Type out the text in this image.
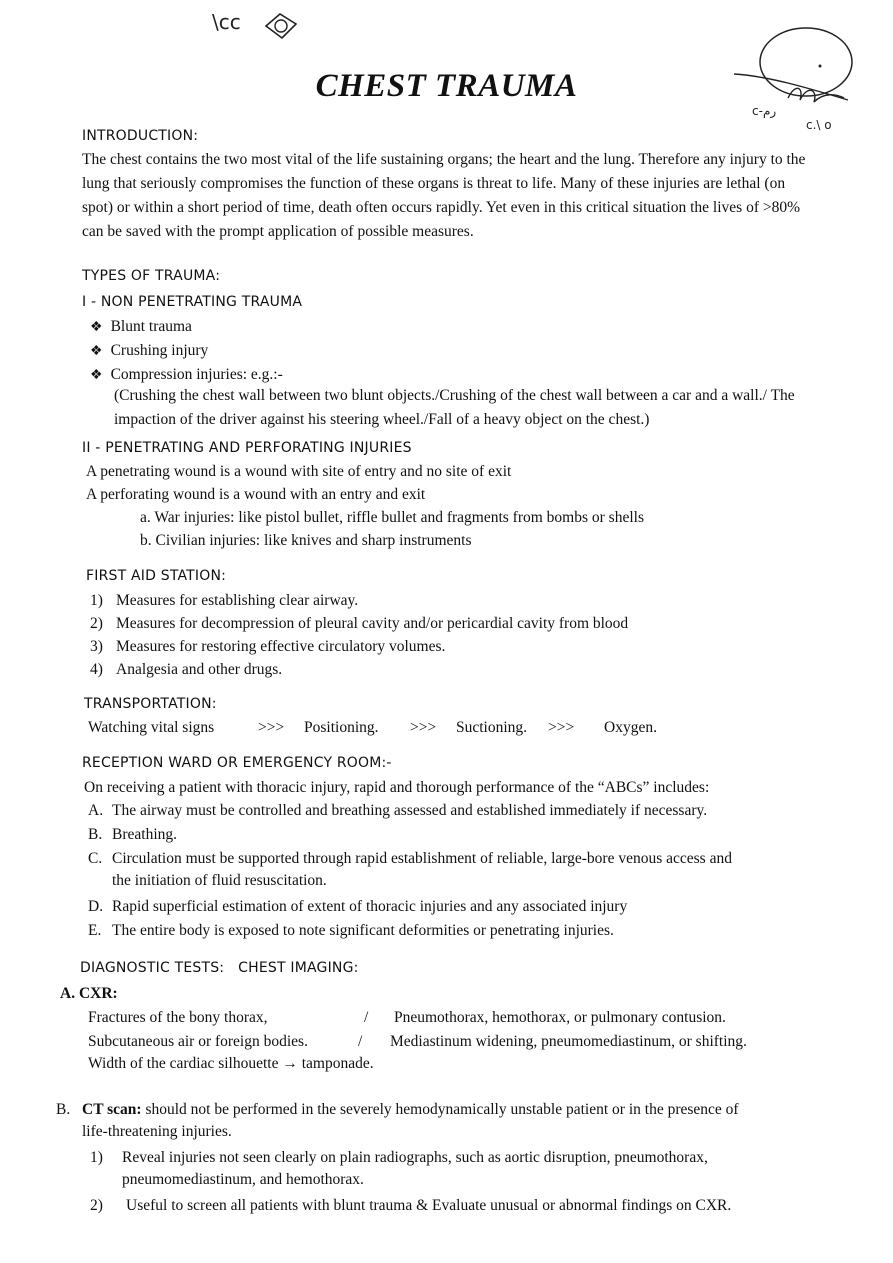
\cc
c-رم
c.\ o
CHEST TRAUMA
INTRODUCTION:
The chest contains the two most vital of the life sustaining organs; the heart and the lung. Therefore any injury to the lung that seriously compromises the function of these organs is threat to life. Many of these injuries are lethal (on spot) or within a short period of time, death often occurs rapidly. Yet even in this critical situation the lives of >80% can be saved with the prompt application of possible measures.
TYPES OF TRAUMA:
I - NON PENETRATING TRAUMA
❖ Blunt trauma
❖ Crushing injury
❖ Compression injuries: e.g.:-
(Crushing the chest wall between two blunt objects./Crushing of the chest wall between a car and a wall./ The impaction of the driver against his steering wheel./Fall of a heavy object on the chest.)
II - PENETRATING AND PERFORATING INJURIES
A penetrating wound is a wound with site of entry and no site of exit
A perforating wound is a wound with an entry and exit
a. War injuries: like pistol bullet, riffle bullet and fragments from bombs or shells
b. Civilian injuries: like knives and sharp instruments
FIRST AID STATION:
1) Measures for establishing clear airway.
2) Measures for decompression of pleural cavity and/or pericardial cavity from blood
3) Measures for restoring effective circulatory volumes.
4) Analgesia and other drugs.
TRANSPORTATION:
Watching vital signs	>>> Positioning. >>> Suctioning. >>> Oxygen.
RECEPTION WARD OR EMERGENCY ROOM:-
On receiving a patient with thoracic injury, rapid and thorough performance of the “ABCs” includes:
A. The airway must be controlled and breathing assessed and established immediately if necessary.
B. Breathing.
C. Circulation must be supported through rapid establishment of reliable, large-bore venous access and
the initiation of fluid resuscitation.
D. Rapid superficial estimation of extent of thoracic injuries and any associated injury
E. The entire body is exposed to note significant deformities or penetrating injuries.
DIAGNOSTIC TESTS:   CHEST IMAGING:
A. CXR:
Fractures of the bony thorax,	/ Pneumothorax, hemothorax, or pulmonary contusion.
Subcutaneous air or foreign bodies.	/ Mediastinum widening, pneumomediastinum, or shifting.
Width of the cardiac silhouette → tamponade.
B. CT scan: should not be performed in the severely hemodynamically unstable patient or in the presence of
life-threatening injuries.
1) Reveal injuries not seen clearly on plain radiographs, such as aortic disruption, pneumothorax,
pneumomediastinum, and hemothorax.
2) Useful to screen all patients with blunt trauma & Evaluate unusual or abnormal findings on CXR.
